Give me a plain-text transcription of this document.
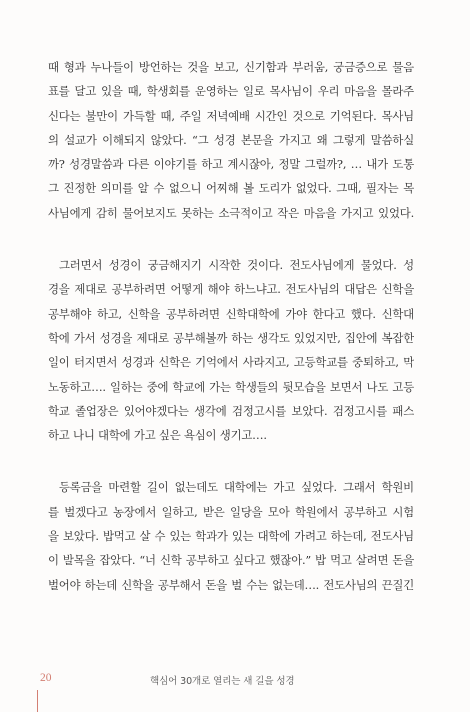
때 형과 누나들이 방언하는 것을 보고, 신기함과 부러움, 궁금증으로 물음
표를 달고 있을 때, 학생회를 운영하는 일로 목사님이 우리 마음을 몰라주
신다는 불만이 가득할 때, 주일 저녁예배 시간인 것으로 기억된다. 목사님
의 설교가 이해되지 않았다. “그 성경 본문을 가지고 왜 그렇게 말씀하실
까? 성경말씀과 다른 이야기를 하고 계시잖아, 정말 그럴까?, … 내가 도통
그 진정한 의미를 알 수 없으니 어찌해 볼 도리가 없었다. 그때, 필자는 목
사님에게 감히 물어보지도 못하는 소극적이고 작은 마음을 가지고 있었다.
그러면서 성경이 궁금해지기 시작한 것이다. 전도사님에게 물었다. 성
경을 제대로 공부하려면 어떻게 해야 하느냐고. 전도사님의 대답은 신학을
공부해야 하고, 신학을 공부하려면 신학대학에 가야 한다고 했다. 신학대
학에 가서 성경을 제대로 공부해볼까 하는 생각도 있었지만, 집안에 복잡한
일이 터지면서 성경과 신학은 기억에서 사라지고, 고등학교를 중퇴하고, 막
노동하고…. 일하는 중에 학교에 가는 학생들의 뒷모습을 보면서 나도 고등
학교 졸업장은 있어야겠다는 생각에 검정고시를 보았다. 검정고시를 패스
하고 나니 대학에 가고 싶은 욕심이 생기고….
등록금을 마련할 길이 없는데도 대학에는 가고 싶었다. 그래서 학원비
를 벌겠다고 농장에서 일하고, 받은 일당을 모아 학원에서 공부하고 시험
을 보았다. 밥먹고 살 수 있는 학과가 있는 대학에 가려고 하는데, 전도사님
이 발목을 잡았다. “너 신학 공부하고 싶다고 했잖아.” 밥 먹고 살려면 돈을
벌어야 하는데 신학을 공부해서 돈을 벌 수는 없는데…. 전도사님의 끈질긴
20	핵심어 30개로 열리는 새 길을 성경
